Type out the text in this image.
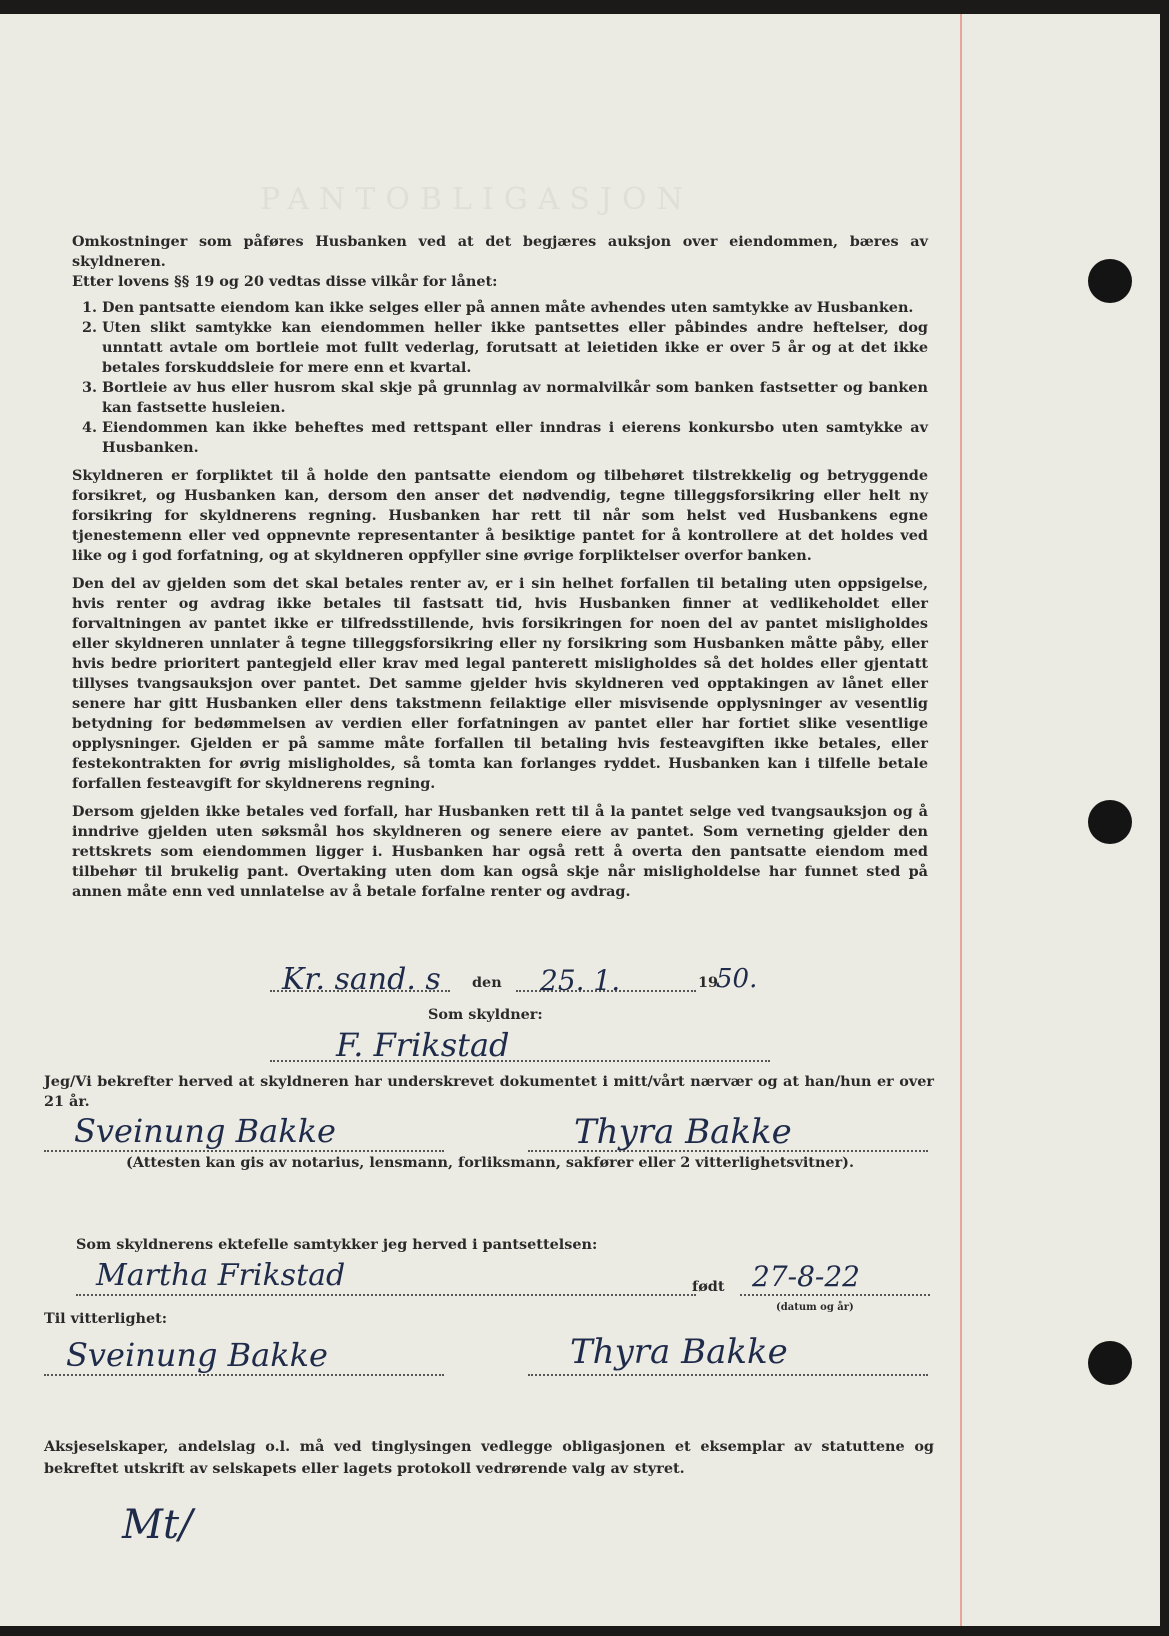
PANTOBLIGASJON

Omkostninger som påføres Husbanken ved at det begjæres auksjon over eiendommen, bæres av skyldneren.

Etter lovens §§ 19 og 20 vedtas disse vilkår for lånet:

1. Den pantsatte eiendom kan ikke selges eller på annen måte avhendes uten samtykke av Husbanken.
2. Uten slikt samtykke kan eiendommen heller ikke pantsettes eller påbindes andre heftelser, dog unntatt avtale om bortleie mot fullt vederlag, forutsatt at leietiden ikke er over 5 år og at det ikke betales forskuddsleie for mere enn et kvartal.
3. Bortleie av hus eller husrom skal skje på grunnlag av normalvilkår som banken fastsetter og banken kan fastsette husleien.
4. Eiendommen kan ikke beheftes med rettspant eller inndras i eierens konkursbo uten samtykke av Husbanken.

Skyldneren er forpliktet til å holde den pantsatte eiendom og tilbehøret tilstrekkelig og betryggende forsikret, og Husbanken kan, dersom den anser det nødvendig, tegne tilleggsforsikring eller helt ny forsikring for skyldnerens regning. Husbanken har rett til når som helst ved Husbankens egne tjenestemenn eller ved oppnevnte representanter å besiktige pantet for å kontrollere at det holdes ved like og i god forfatning, og at skyldneren oppfyller sine øvrige forpliktelser overfor banken.

Den del av gjelden som det skal betales renter av, er i sin helhet forfallen til betaling uten oppsigelse, hvis renter og avdrag ikke betales til fastsatt tid, hvis Husbanken finner at vedlikeholdet eller forvaltningen av pantet ikke er tilfredsstillende, hvis forsikringen for noen del av pantet misligholdes eller skyldneren unnlater å tegne tilleggsforsikring eller ny forsikring som Husbanken måtte påby, eller hvis bedre prioritert pantegjeld eller krav med legal panterett misligholdes så det holdes eller gjentatt tillyses tvangsauksjon over pantet. Det samme gjelder hvis skyldneren ved opptakingen av lånet eller senere har gitt Husbanken eller dens takstmenn feilaktige eller misvisende opplysninger av vesentlig betydning for bedømmelsen av verdien eller forfatningen av pantet eller har fortiet slike vesentlige opplysninger. Gjelden er på samme måte forfallen til betaling hvis festeavgiften ikke betales, eller festekontrakten for øvrig misligholdes, så tomta kan forlanges ryddet. Husbanken kan i tilfelle betale forfallen festeavgift for skyldnerens regning.

Dersom gjelden ikke betales ved forfall, har Husbanken rett til å la pantet selge ved tvangsauksjon og å inndrive gjelden uten søksmål hos skyldneren og senere eiere av pantet. Som verneting gjelder den rettskrets som eiendommen ligger i. Husbanken har også rett å overta den pantsatte eiendom med tilbehør til brukelig pant. Overtaking uten dom kan også skje når misligholdelse har funnet sted på annen måte enn ved unnlatelse av å betale forfalne renter og avdrag.

Kr. sand. s den 25. 1.	19
50.
Som skyldner:
F. Frikstad
Jeg/Vi bekrefter herved at skyldneren har underskrevet dokumentet i mitt/vårt nærvær og at han/hun er over 21 år.
Sveinung Bakke	Thyra Bakke
(Attesten kan gis av notarius, lensmann, forliksmann, sakfører eller 2 vitterlighetsvitner).
Som skyldnerens ektefelle samtykker jeg herved i pantsettelsen:
Martha Frikstad	født 27-8-22
(datum og år)
Til vitterlighet:
Sveinung Bakke	Thyra Bakke
Aksjeselskaper, andelslag o.l. må ved tinglysingen vedlegge obligasjonen et eksemplar av statuttene og bekreftet utskrift av selskapets eller lagets protokoll vedrørende valg av styret.
Mt/
